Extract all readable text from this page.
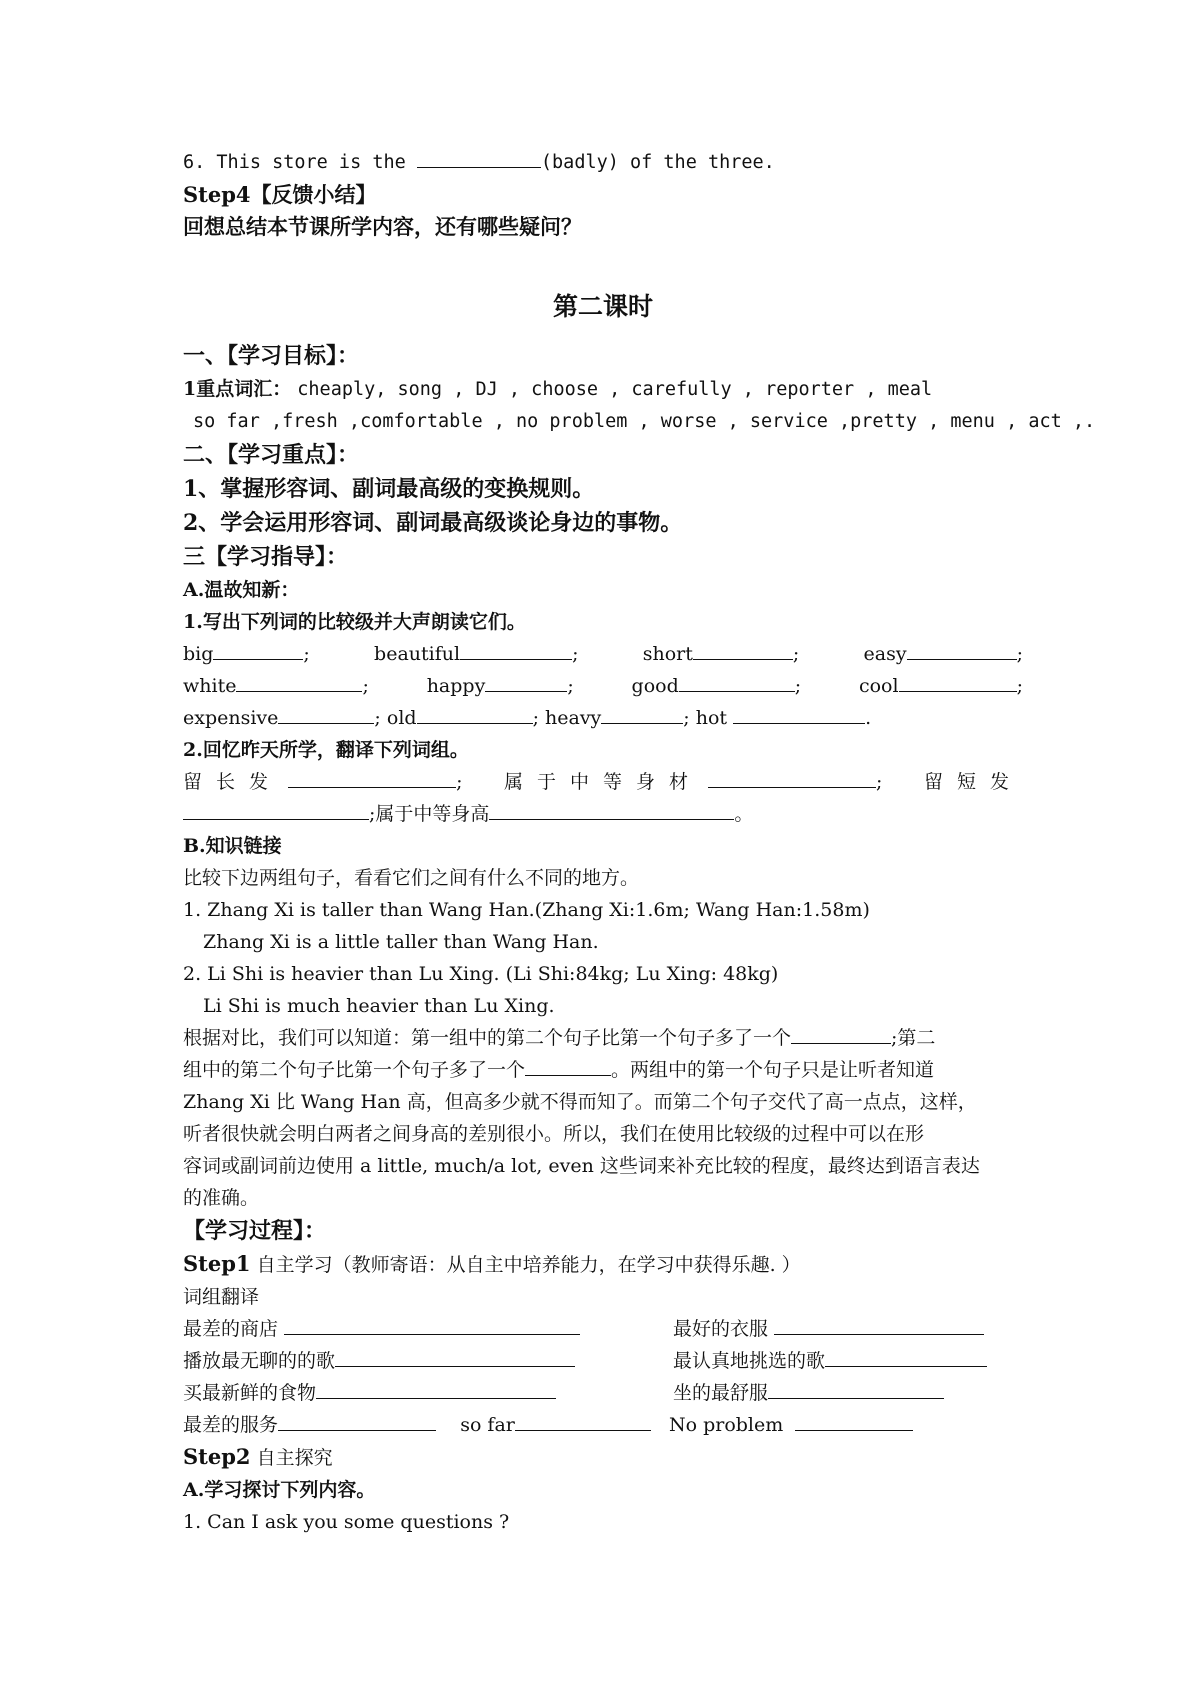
6. This store is the	(badly) of the three.
Step4【反馈小结】
回想总结本节课所学内容，还有哪些疑问？
第二课时
一、【学习目标】：
1重点词汇： cheaply, song , DJ , choose , carefully , reporter , meal
so far ,fresh ,comfortable , no problem , worse , service ,pretty , menu , act ,.
二、【学习重点】：
1、掌握形容词、副词最高级的变换规则。
2、学会运用形容词、副词最高级谈论身边的事物。
三【学习指导】：
A.温故知新：
1.写出下列词的比较级并大声朗读它们。
big	;	beautiful	;	short	;	easy	;
white	;	happy	;	good	;	cool	;
expensive	; old	; heavy	; hot	.
2.回忆昨天所学，翻译下列词组。
留长发	; 属于中等身材	; 留短发
;属于中等身高	。
B.知识链接
比较下边两组句子，看看它们之间有什么不同的地方。
1. Zhang Xi is taller than Wang Han.(Zhang Xi:1.6m; Wang Han:1.58m)
Zhang Xi is a little taller than Wang Han.
2. Li Shi is heavier than Lu Xing. (Li Shi:84kg; Lu Xing: 48kg)
Li Shi is much heavier than Lu Xing.
根据对比，我们可以知道：第一组中的第二个句子比第一个句子多了一个	;第二
组中的第二个句子比第一个句子多了一个	。两组中的第一个句子只是让听者知道
Zhang Xi 比 Wang Han 高，但高多少就不得而知了。而第二个句子交代了高一点点，这样，
听者很快就会明白两者之间身高的差别很小。所以，我们在使用比较级的过程中可以在形
容词或副词前边使用 a little, much/a lot, even 这些词来补充比较的程度，最终达到语言表达
的准确。
【学习过程】：
Step1 自主学习（教师寄语：从自主中培养能力，在学习中获得乐趣. ）
词组翻译
最差的商店	最好的衣服
播放最无聊的的歌	最认真地挑选的歌
买最新鲜的食物	坐的最舒服
最差的服务	so far	No problem
Step2 自主探究
A.学习探讨下列内容。
1. Can I ask you some questions ?
